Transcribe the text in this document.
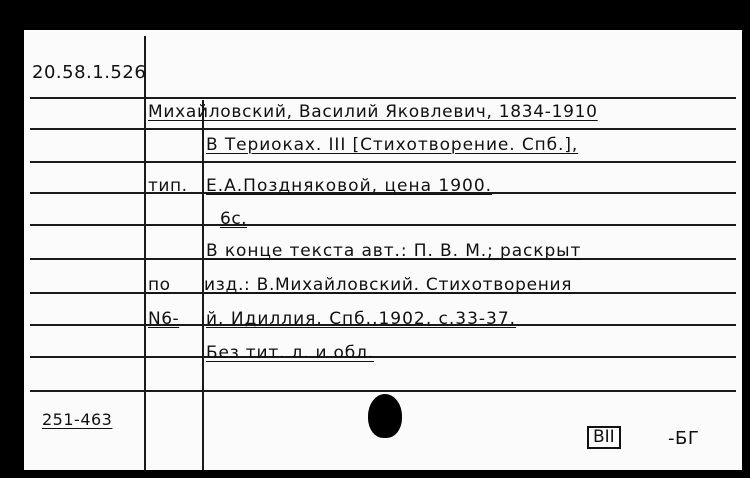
20.58.1.526
Михайловский, Василий Яковлевич, 1834-1910
В Териоках. III [Стихотворение. Спб.],
тип. Е.А.Поздняковой, цена 1900.
6с.
В конце текста авт.: П. В. М.; раскрыт
по изд.: В.Михайловский. Стихотворения
N6- й. Идиллия. Спб.,1902, с.33-37.
Без тит. л. и обл.
251-463
BII	-БГ
